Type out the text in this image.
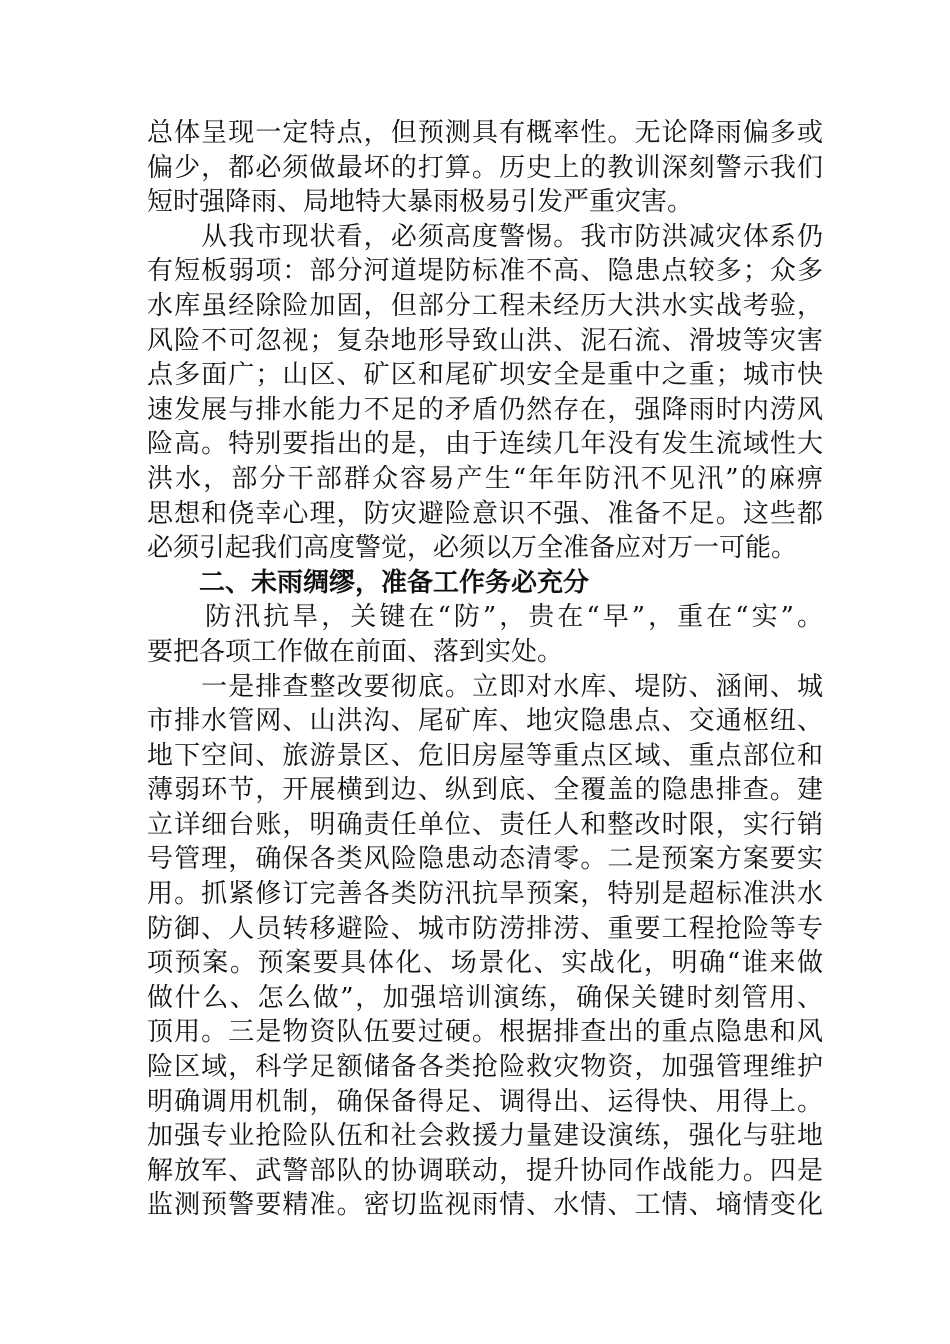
总体呈现一定特点，但预测具有概率性。无论降雨偏多或
偏少，都必须做最坏的打算。历史上的教训深刻警示我们
短时强降雨、局地特大暴雨极易引发严重灾害。
　　从我市现状看，必须高度警惕。我市防洪减灾体系仍
有短板弱项：部分河道堤防标准不高、隐患点较多；众多
水库虽经除险加固，但部分工程未经历大洪水实战考验，
风险不可忽视；复杂地形导致山洪、泥石流、滑坡等灾害
点多面广；山区、矿区和尾矿坝安全是重中之重；城市快
速发展与排水能力不足的矛盾仍然存在，强降雨时内涝风
险高。特别要指出的是，由于连续几年没有发生流域性大
洪水，部分干部群众容易产生“年年防汛不见汛”的麻痹
思想和侥幸心理，防灾避险意识不强、准备不足。这些都
必须引起我们高度警觉，必须以万全准备应对万一可能。
二、未雨绸缪，准备工作务必充分
　　防汛抗旱，关键在“防”，贵在“早”，重在“实”。
要把各项工作做在前面、落到实处。
　　一是排查整改要彻底。立即对水库、堤防、涵闸、城
市排水管网、山洪沟、尾矿库、地灾隐患点、交通枢纽、
地下空间、旅游景区、危旧房屋等重点区域、重点部位和
薄弱环节，开展横到边、纵到底、全覆盖的隐患排查。建
立详细台账，明确责任单位、责任人和整改时限，实行销
号管理，确保各类风险隐患动态清零。二是预案方案要实
用。抓紧修订完善各类防汛抗旱预案，特别是超标准洪水
防御、人员转移避险、城市防涝排涝、重要工程抢险等专
项预案。预案要具体化、场景化、实战化，明确“谁来做
做什么、怎么做”，加强培训演练，确保关键时刻管用、
顶用。三是物资队伍要过硬。根据排查出的重点隐患和风
险区域，科学足额储备各类抢险救灾物资，加强管理维护
明确调用机制，确保备得足、调得出、运得快、用得上。
加强专业抢险队伍和社会救援力量建设演练，强化与驻地
解放军、武警部队的协调联动，提升协同作战能力。四是
监测预警要精准。密切监视雨情、水情、工情、墒情变化
